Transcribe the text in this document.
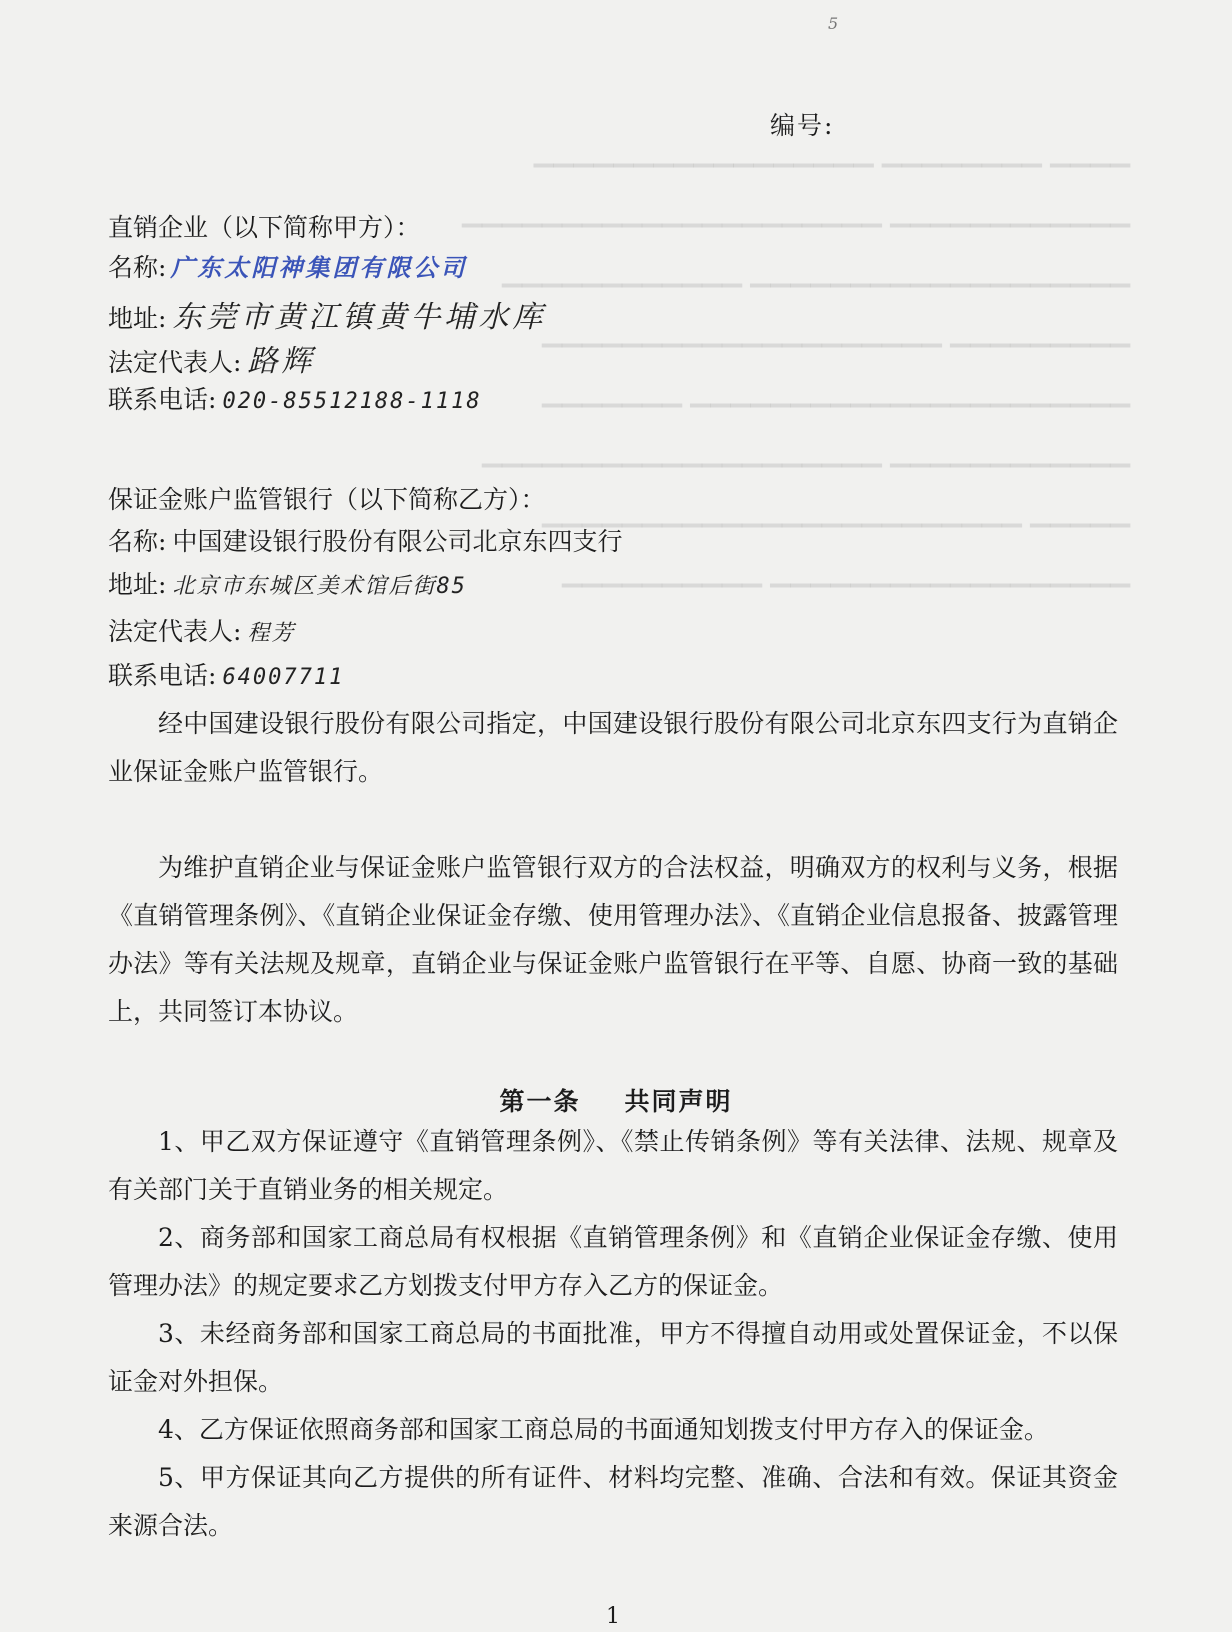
▁▁▁▁ ▁▁▁▁▁▁▁▁ ▁▁▁▁▁▁▁▁▁▁▁▁▁▁▁▁▁

▁▁▁▁▁▁▁▁▁▁▁▁ ▁▁▁▁▁▁▁▁▁▁▁▁▁▁▁▁▁▁▁▁▁

▁▁▁▁▁▁▁▁▁▁▁▁▁▁▁▁▁▁▁ ▁▁▁▁▁▁▁▁▁▁▁▁

▁▁▁▁▁▁▁▁▁ ▁▁▁▁▁▁▁▁▁▁▁▁▁▁▁▁▁▁▁▁

▁▁▁▁▁▁▁▁▁▁▁▁▁▁▁▁▁▁▁▁▁▁ ▁▁▁▁▁▁▁

▁▁▁▁▁▁▁▁▁▁▁▁ ▁▁▁▁▁▁▁▁▁▁▁▁▁▁▁▁▁▁▁▁

▁▁▁▁▁ ▁▁▁▁▁▁▁▁▁▁▁▁▁▁▁▁▁▁▁▁▁▁▁▁

▁▁▁▁▁▁▁▁▁▁▁▁▁▁▁▁▁▁ ▁▁▁▁▁▁▁▁▁▁

5
编号:
直销企业（以下简称甲方）：
名称: 广东太阳神集团有限公司
地址: 东莞市黄江镇黄牛埔水库
法定代表人: 路辉
联系电话: 020-85512188-1118
保证金账户监管银行（以下简称乙方）：
名称: 中国建设银行股份有限公司北京东四支行
地址: 北京市东城区美术馆后街85
法定代表人: 程芳
联系电话: 64007711
经中国建设银行股份有限公司指定，中国建设银行股份有限公司北京东四支行为直销企业保证金账户监管银行。
为维护直销企业与保证金账户监管银行双方的合法权益，明确双方的权利与义务，根据《直销管理条例》、《直销企业保证金存缴、使用管理办法》、《直销企业信息报备、披露管理办法》等有关法规及规章，直销企业与保证金账户监管银行在平等、自愿、协商一致的基础上，共同签订本协议。
第一条 共同声明
1、甲乙双方保证遵守《直销管理条例》、《禁止传销条例》等有关法律、法规、规章及有关部门关于直销业务的相关规定。
2、商务部和国家工商总局有权根据《直销管理条例》和《直销企业保证金存缴、使用管理办法》的规定要求乙方划拨支付甲方存入乙方的保证金。
3、未经商务部和国家工商总局的书面批准，甲方不得擅自动用或处置保证金，不以保证金对外担保。
4、乙方保证依照商务部和国家工商总局的书面通知划拨支付甲方存入的保证金。
5、甲方保证其向乙方提供的所有证件、材料均完整、准确、合法和有效。保证其资金来源合法。
1
